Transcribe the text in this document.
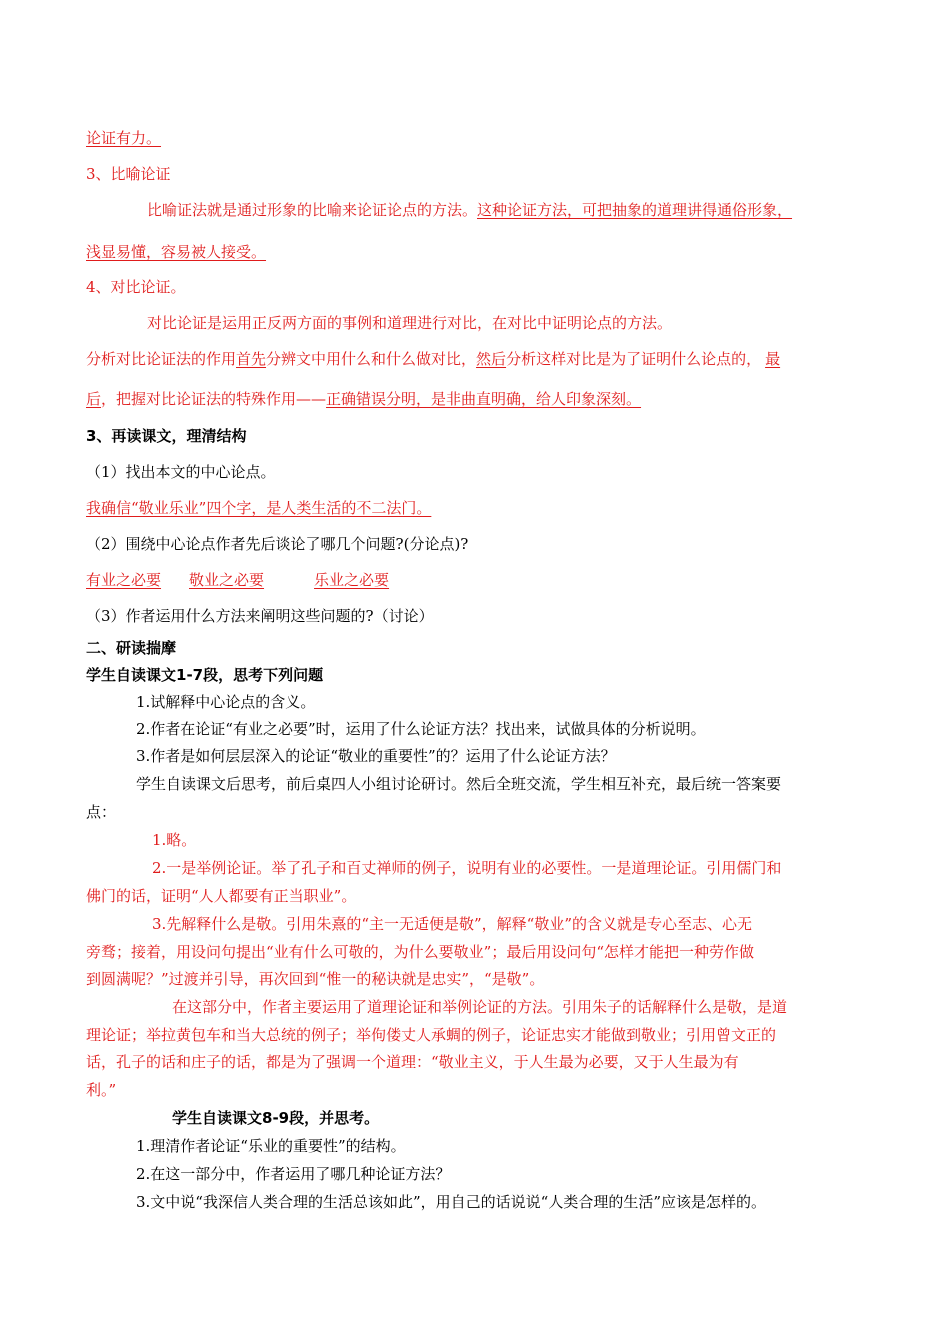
论证有力。
3、比喻论证
比喻证法就是通过形象的比喻来论证论点的方法。这种论证方法，可把抽象的道理讲得通俗形象，
浅显易懂，容易被人接受。
4、对比论证。
对比论证是运用正反两方面的事例和道理进行对比，在对比中证明论点的方法。
分析对比论证法的作用首先分辨文中用什么和什么做对比，然后分析这样对比是为了证明什么论点的， 最
后，把握对比论证法的特殊作用——正确错误分明，是非曲直明确，给人印象深刻。
3、再读课文，理清结构
（1）找出本文的中心论点。
我确信“敬业乐业”四个字，是人类生活的不二法门。
（2）围绕中心论点作者先后谈论了哪几个问题?(分论点)?
有业之必要 敬业之必要	乐业之必要
（3）作者运用什么方法来阐明这些问题的?（讨论）
二、研读揣摩
学生自读课文1-7段，思考下列问题
1.试解释中心论点的含义。
2.作者在论证“有业之必要”时，运用了什么论证方法？找出来，试做具体的分析说明。
3.作者是如何层层深入的论证“敬业的重要性”的？运用了什么论证方法？
学生自读课文后思考，前后桌四人小组讨论研讨。然后全班交流，学生相互补充，最后统一答案要
点：
1.略。
2.一是举例论证。举了孔子和百丈禅师的例子，说明有业的必要性。一是道理论证。引用儒门和
佛门的话，证明“人人都要有正当职业”。
3.先解释什么是敬。引用朱熹的“主一无适便是敬”，解释“敬业”的含义就是专心至志、心无
旁骛；接着，用设问句提出“业有什么可敬的，为什么要敬业”；最后用设问句“怎样才能把一种劳作做
到圆满呢？”过渡并引导，再次回到“惟一的秘诀就是忠实”，“是敬”。
在这部分中，作者主要运用了道理论证和举例论证的方法。引用朱子的话解释什么是敬，是道
理论证；举拉黄包车和当大总统的例子；举佝偻丈人承蜩的例子，论证忠实才能做到敬业；引用曾文正的
话，孔子的话和庄子的话，都是为了强调一个道理：“敬业主义，于人生最为必要，又于人生最为有
利。”
学生自读课文8-9段，并思考。
1.理清作者论证“乐业的重要性”的结构。
2.在这一部分中，作者运用了哪几种论证方法？
3.文中说“我深信人类合理的生活总该如此”，用自己的话说说“人类合理的生活”应该是怎样的。
